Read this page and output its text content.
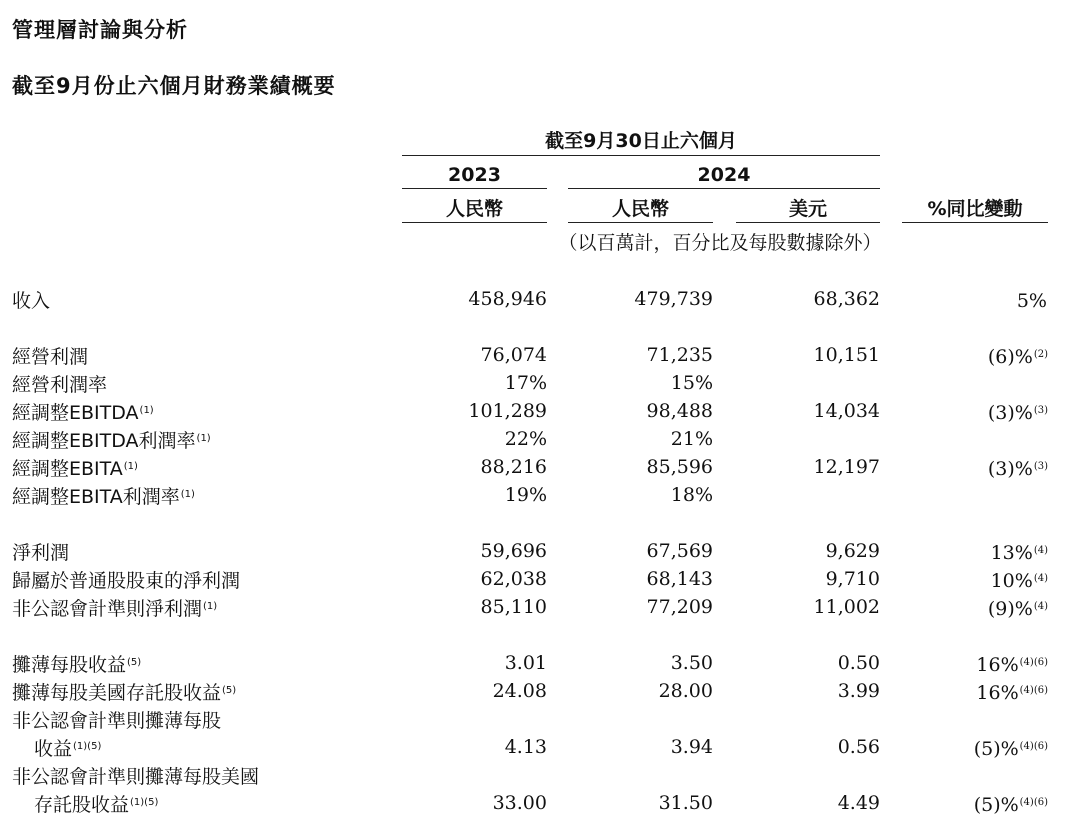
管理層討論與分析
截至9月份止六個月財務業績概要
截至9月30日止六個月
2023	2024
人民幣	人民幣	美元	%同比變動
（以百萬計，百分比及每股數據除外）
收入	458,946	479,739	68,362	5%
經營利潤	76,074	71,235	10,151	(6)%$^{(2)}$
經營利潤率	17%	15%
經調整EBITDA$^{(1)}$	101,289	98,488	14,034	(3)%$^{(3)}$
經調整EBITDA利潤率$^{(1)}$	22%	21%
經調整EBITA$^{(1)}$	88,216	85,596	12,197	(3)%$^{(3)}$
經調整EBITA利潤率$^{(1)}$	19%	18%
淨利潤	59,696	67,569	9,629	13%$^{(4)}$
歸屬於普通股股東的淨利潤	62,038	68,143	9,710	10%$^{(4)}$
非公認會計準則淨利潤$^{(1)}$	85,110	77,209	11,002	(9)%$^{(4)}$
攤薄每股收益$^{(5)}$	3.01	3.50	0.50	16%$^{(4)(6)}$
攤薄每股美國存託股收益$^{(5)}$	24.08	28.00	3.99	16%$^{(4)(6)}$
非公認會計準則攤薄每股
收益$^{(1)(5)}$	4.13	3.94	0.56	(5)%$^{(4)(6)}$
非公認會計準則攤薄每股美國
存託股收益$^{(1)(5)}$	33.00	31.50	4.49	(5)%$^{(4)(6)}$
